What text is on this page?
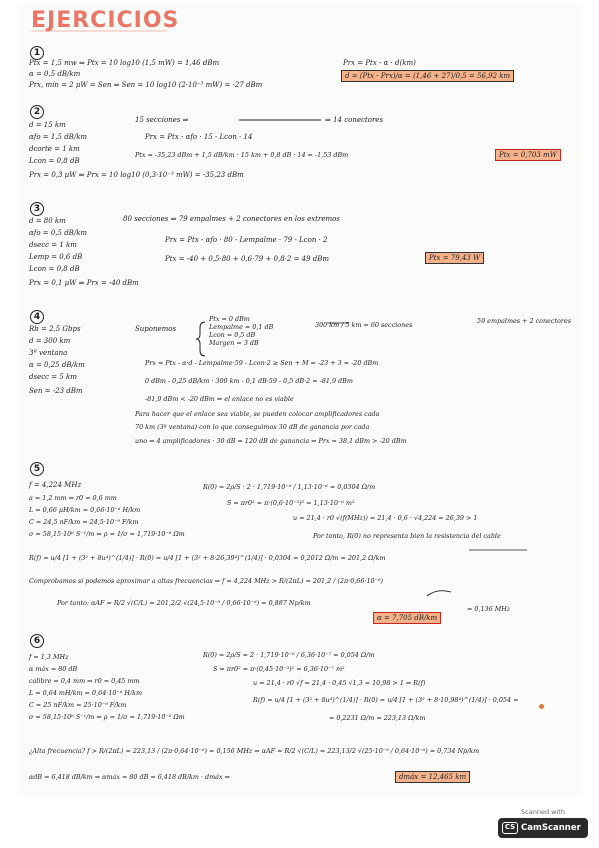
EJERCICIOS
1
Ptx = 1,5 mw ⇒ Ptx = 10 log10 (1,5 mW) = 1,46 dBm
α = 0,5 dB/km
Prx, mín = 2 μW = Sen ⇒ Sen = 10 log10 (2·10⁻³ mW) = -27 dBm
Prx = Ptx - α · d(km)
d = (Ptx - Prx)/α = (1,46 + 27)/0,5 = 56,92 km
2
d = 15 km
αfo = 1,5 dB/km
dcorte = 1 km
Lcon = 0,8 dB
Prx = 0,3 μW ⇒ Prx = 10 log10 (0,3·10⁻³ mW) = -35,23 dBm
15 secciones ⇒	⇒ 14 conectores
Prx = Ptx - αfo · 15 - Lcon · 14
Ptx = -35,23 dBm + 1,5 dB/km · 15 km + 0,8 dB · 14 = -1,53 dBm	Ptx = 0,703 mW
3
d = 80 km
αfo = 0,5 dB/km
dsecc = 1 km
Lemp = 0,6 dB
Lcon = 0,8 dB
Prx = 0,1 μW ⇒ Prx = -40 dBm
80 secciones ⇒ 79 empalmes + 2 conectores en los extremos
Prx = Ptx - αfo · 80 - Lempalme · 79 - Lcon · 2
Ptx = -40 + 0,5·80 + 0,6·79 + 0,8·2 = 49 dBm	Ptx = 79,43 W
4
Rb = 2,5 Gbps
d = 300 km
3ª ventana
α = 0,25 dB/km
dsecc = 5 km
Sen = -23 dBm
Suponemos
Ptx = 0 dBm
Lempalme = 0,1 dB
Lcon = 0,5 dB
Margen = 3 dB
300 km / 5 km = 60 secciones	59 empalmes + 2 conectores
Prx = Ptx - α·d - Lempalme·59 - Lcon·2 ≥ Sen + M = -23 + 3 = -20 dBm
0 dBm - 0,25 dB/km · 300 km - 0,1 dB·59 - 0,5 dB·2 = -81,9 dBm
-81,9 dBm < -20 dBm ⇒ el enlace no es viable
Para hacer que el enlace sea viable, se pueden colocar amplificadores cada
70 km (3ª ventana) con lo que conseguimos 30 dB de ganancia por cada
uno ⇒ 4 amplificadores · 30 dB = 120 dB de ganancia ⇒ Prx = 38,1 dBm > -20 dBm
5
f = 4,224 MHz
a = 1,2 mm ⇒ r0 = 0,6 mm
L = 0,66 μH/km = 0,66·10⁻⁶ H/km
C = 24,5 nF/km = 24,5·10⁻⁹ F/km
σ = 58,15·10⁶ S⁻¹/m ⇒ ρ = 1/σ = 1,719·10⁻⁸ Ωm
R(0) = 2ρ/S · 2 · 1,719·10⁻⁸ / 1,13·10⁻⁶ = 0,0304 Ω/m
S = πr0² = π·(0,6·10⁻³)² = 1,13·10⁻⁶ m²
u = 21,4 · r0 √(f(MHz)) = 21,4 · 0,6 · √4,224 = 26,39 > 1
Por tanto, R(0) no representa bien la resistencia del cable
R(f) = u/4 [1 + (3² + 8u⁴)^(1/4)] · R(0) = u/4 [1 + (3² + 8·26,39⁴)^(1/4)] · 0,0304 = 0,2012 Ω/m = 201,2 Ω/km
Comprobamos si podemos aproximar a altas frecuencias ⇒ f = 4,224 MHz > R/(2πL) = 201,2 / (2π·0,66·10⁻⁶)
Por tanto: αAF = R/2 √(C/L) = 201,2/2 √(24,5·10⁻⁹ / 0,66·10⁻⁶) = 0,887 Np/km
= 0,136 MHz
α = 7,705 dB/km
6
f = 1,3 MHz
α máx = 80 dB
calibre = 0,4 mm ⇒ r0 = 0,45 mm
L = 0,64 mH/km = 0,64·10⁻⁶ H/km
C = 25 nF/km = 25·10⁻⁹ F/km
σ = 58,15·10⁶ S⁻¹/m ⇒ ρ = 1/σ = 1,719·10⁻⁸ Ωm
R(0) = 2ρ/S = 2 · 1,719·10⁻⁸ / 6,36·10⁻⁷ = 0,054 Ω/m
S = πr0² = π·(0,45·10⁻³)² = 6,36·10⁻⁷ m²
u = 21,4 · r0 √f = 21,4 · 0,45 √1,3 = 10,98 > 1 ⇒ R(f)
R(f) = u/4 [1 + (3² + 8u⁴)^(1/4)] · R(0) = u/4 [1 + (3² + 8·10,98⁴)^(1/4)] · 0,054 =
= 0,2231 Ω/m = 223,13 Ω/km
¿Alta frecuencia? f > R/(2πL) = 223,13 / (2π·0,64·10⁻⁶) = 0,156 MHz ⇒ αAF = R/2 √(C/L) = 223,13/2 √(25·10⁻⁹ / 0,64·10⁻⁶) = 0,734 Np/km
αdB = 6,418 dB/km ⇒ αmáx = 80 dB = 6,418 dB/km · dmáx ⇒	dmáx = 12,465 km
Scanned with
CS CamScanner
